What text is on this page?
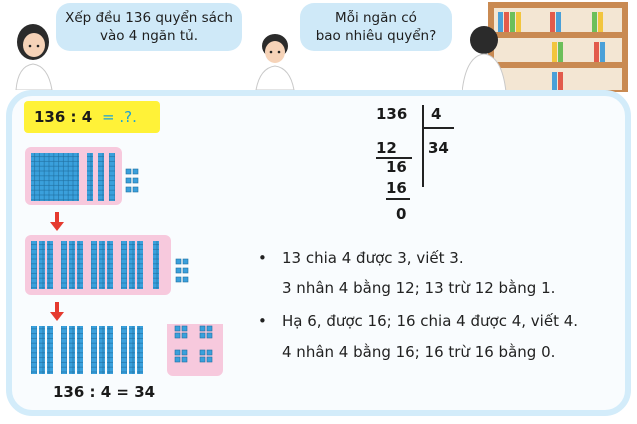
Xếp đều 136 quyển sách
vào 4 ngăn tủ.
Mỗi ngăn có
bao nhiêu quyển?
136 : 4 = .?.
136 : 4 = 34
136 4
34
12
16
16
0
• 13 chia 4 được 3, viết 3.
3 nhân 4 bằng 12; 13 trừ 12 bằng 1.
• Hạ 6, được 16; 16 chia 4 được 4, viết 4.
4 nhân 4 bằng 16; 16 trừ 16 bằng 0.
